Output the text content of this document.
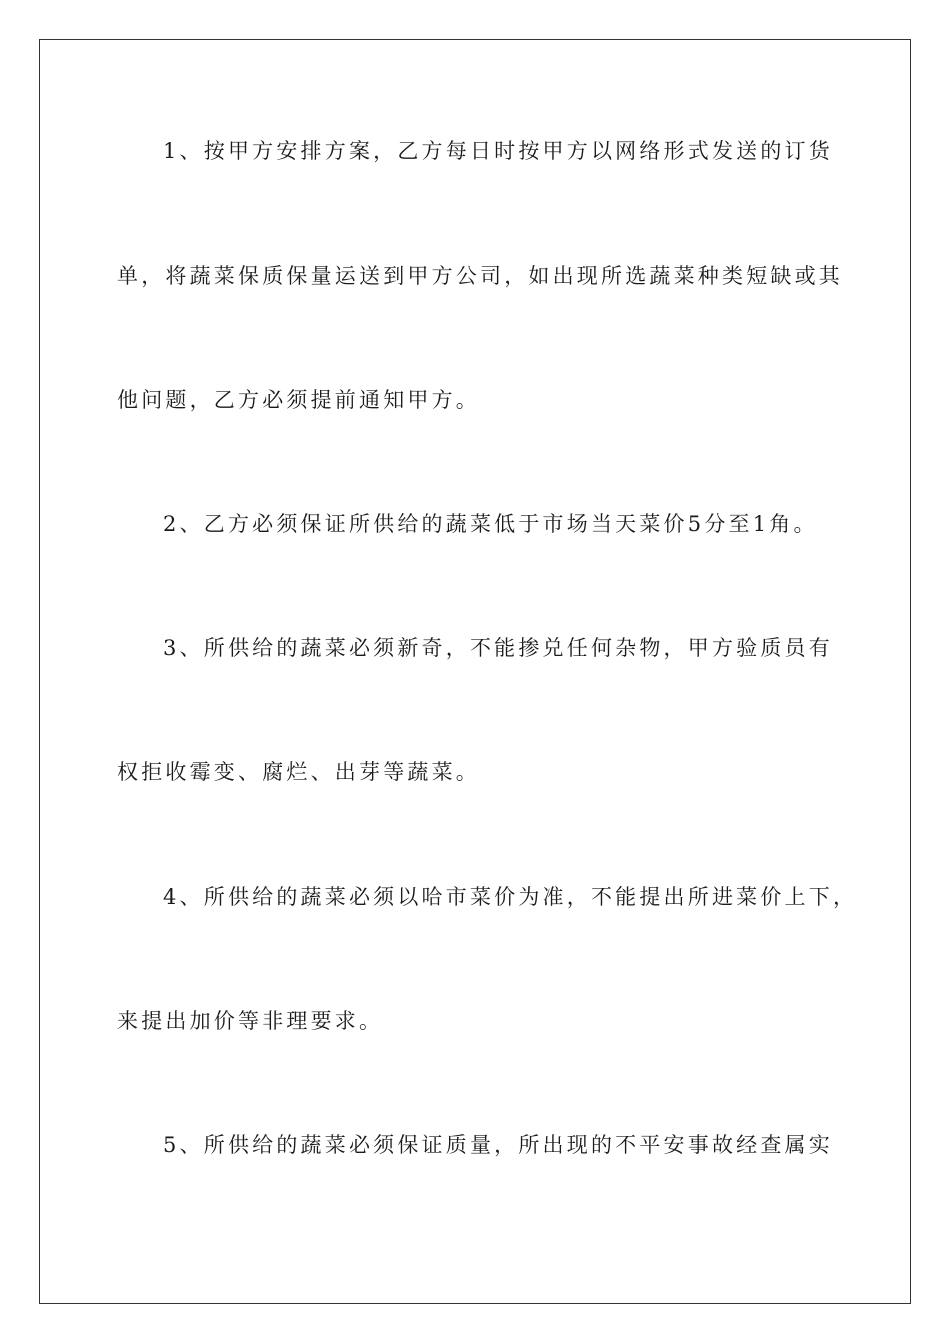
1、按甲方安排方案，乙方每日时按甲方以网络形式发送的订货
单，将蔬菜保质保量运送到甲方公司，如出现所选蔬菜种类短缺或其
他问题，乙方必须提前通知甲方。
2、乙方必须保证所供给的蔬菜低于市场当天菜价5分至1角。
3、所供给的蔬菜必须新奇，不能掺兑任何杂物，甲方验质员有
权拒收霉变、腐烂、出芽等蔬菜。
4、所供给的蔬菜必须以哈市菜价为准，不能提出所进菜价上下，
来提出加价等非理要求。
5、所供给的蔬菜必须保证质量，所出现的不平安事故经查属实
